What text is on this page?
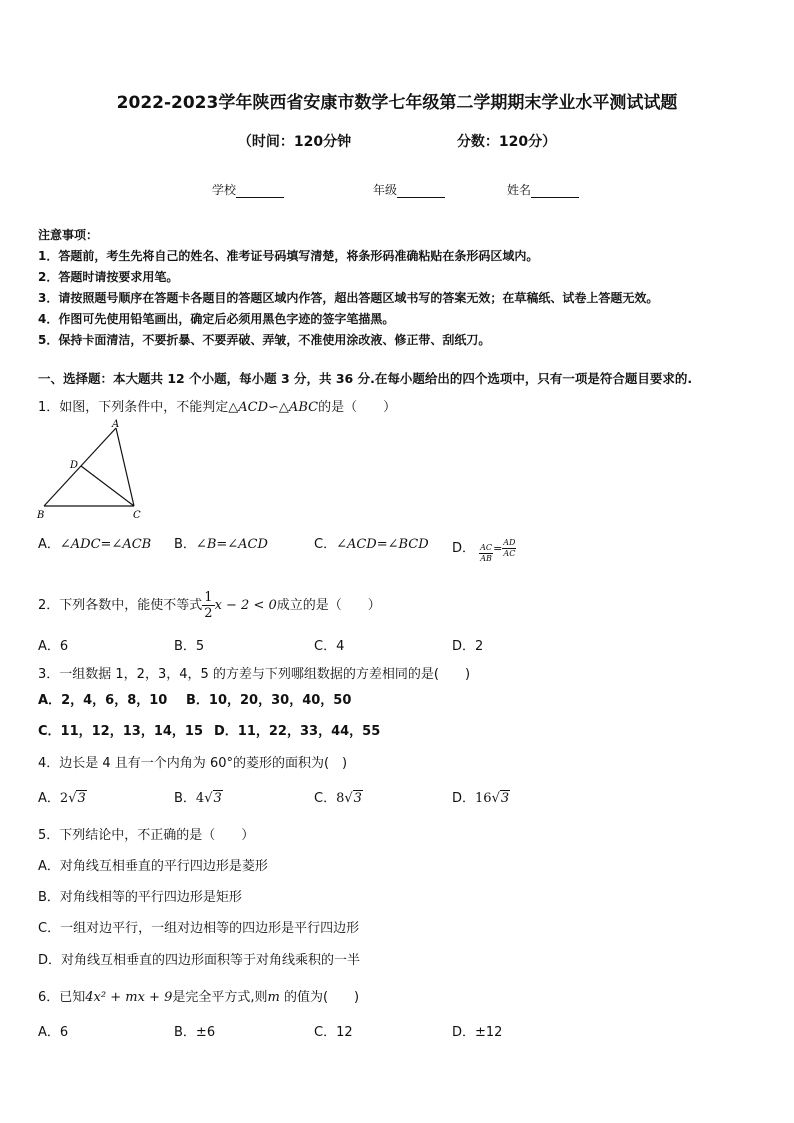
2022-2023学年陕西省安康市数学七年级第二学期期末学业水平测试试题
（时间：120分钟	分数：120分）
学校	年级	姓名
注意事项：
1．答题前，考生先将自己的姓名、准考证号码填写清楚，将条形码准确粘贴在条形码区域内。
2．答题时请按要求用笔。
3．请按照题号顺序在答题卡各题目的答题区域内作答，超出答题区域书写的答案无效；在草稿纸、试卷上答题无效。
4．作图可先使用铅笔画出，确定后必须用黑色字迹的签字笔描黑。
5．保持卡面清洁，不要折暴、不要弄破、弄皱，不准使用涂改液、修正带、刮纸刀。
一、选择题：本大题共 12 个小题，每小题 3 分，共 36 分.在每小题给出的四个选项中，只有一项是符合题目要求的.
1．如图，下列条件中，不能判定△ACD∽△ABC的是（　　）
A
D
B	C
A．∠ADC=∠ACB B．∠B=∠ACD	C．∠ACD=∠BCD D． $\frac{AC}{AB} = \frac{AD}{AC}$
2．下列各数中，能使不等式 $\frac{1}{2}$ x − 2 < 0成立的是（　　）
A．6	B．5	C．4	D．2
3．一组数据 1，2，3，4，5 的方差与下列哪组数据的方差相同的是(　　)
A．2，4，6，8，10 B．10，20，30，40，50
C．11，12，13，14，15 D．11，22，33，44，55
4．边长是 4 且有一个内角为 60°的菱形的面积为(　)
A．2√3	B．4√3	C．8√3	D．16√3
5．下列结论中，不正确的是（　　）
A．对角线互相垂直的平行四边形是菱形
B．对角线相等的平行四边形是矩形
C．一组对边平行，一组对边相等的四边形是平行四边形
D．对角线互相垂直的四边形面积等于对角线乘积的一半
6．已知4x² + mx + 9是完全平方式,则m 的值为(　　)
A．6	B．±6	C．12	D．±12
